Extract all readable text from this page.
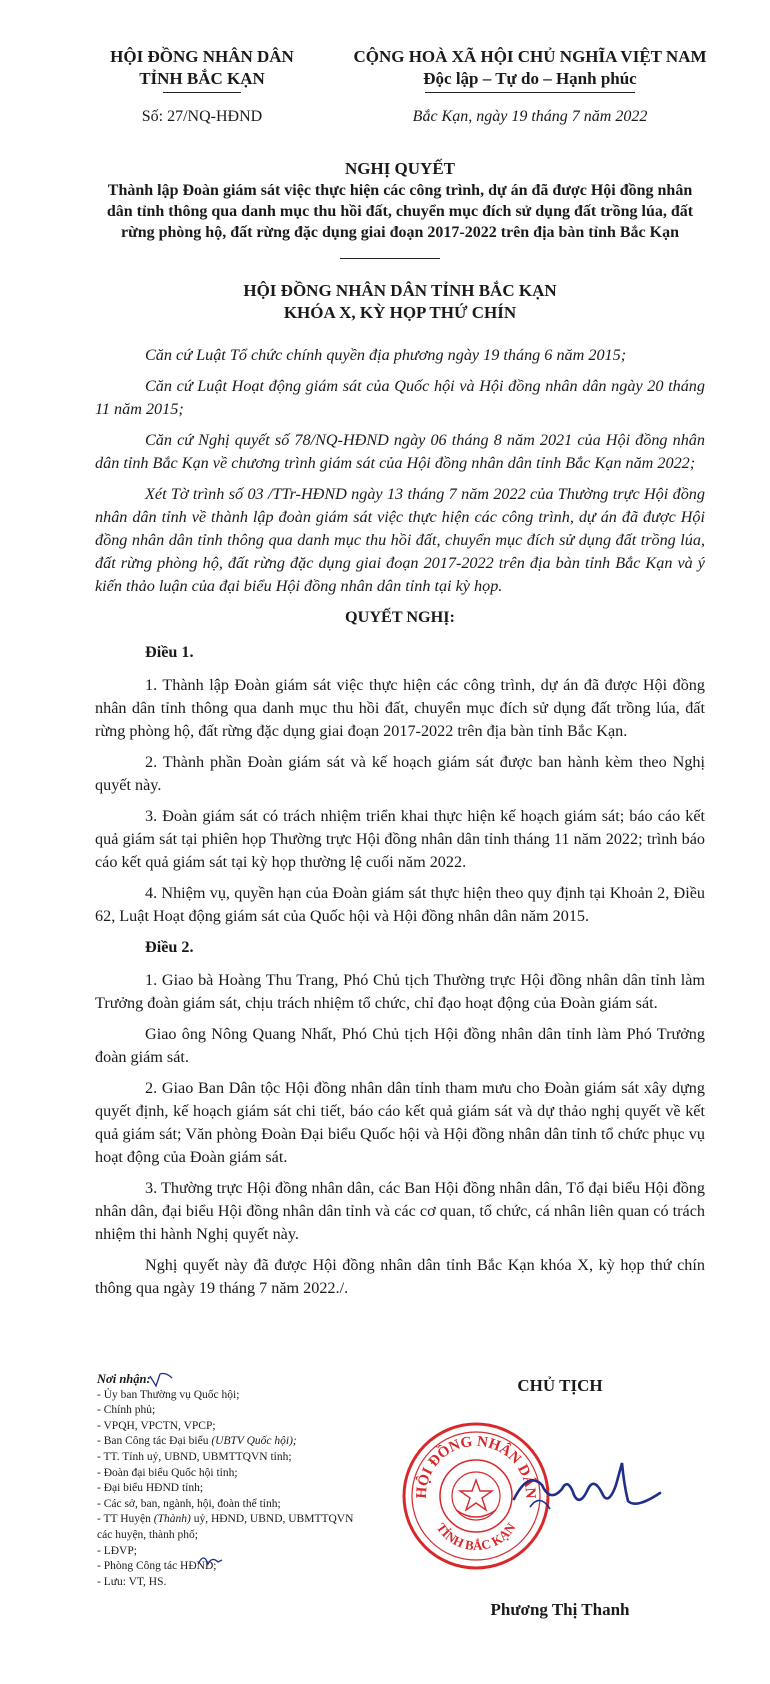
HỘI ĐỒNG NHÂN DÂN
TỈNH BẮC KẠN
CỘNG HOÀ XÃ HỘI CHỦ NGHĨA VIỆT NAM
Độc lập – Tự do – Hạnh phúc
Số: 27/NQ-HĐND	Bắc Kạn, ngày 19 tháng 7 năm 2022
NGHỊ QUYẾT
Thành lập Đoàn giám sát việc thực hiện các công trình, dự án đã được Hội đồng nhân dân tỉnh thông qua danh mục thu hồi đất, chuyển mục đích sử dụng đất trồng lúa, đất rừng phòng hộ, đất rừng đặc dụng giai đoạn 2017-2022 trên địa bàn tỉnh Bắc Kạn
HỘI ĐỒNG NHÂN DÂN TỈNH BẮC KẠN
KHÓA X, KỲ HỌP THỨ CHÍN

Căn cứ Luật Tổ chức chính quyền địa phương ngày 19 tháng 6 năm 2015;

Căn cứ Luật Hoạt động giám sát của Quốc hội và Hội đồng nhân dân ngày 20 tháng 11 năm 2015;

Căn cứ Nghị quyết số 78/NQ-HĐND ngày 06 tháng 8 năm 2021 của Hội đồng nhân dân tỉnh Bắc Kạn về chương trình giám sát của Hội đồng nhân dân tỉnh Bắc Kạn năm 2022;

Xét Tờ trình số 03 /TTr-HĐND ngày 13 tháng 7 năm 2022 của Thường trực Hội đồng nhân dân tỉnh về thành lập đoàn giám sát việc thực hiện các công trình, dự án đã được Hội đồng nhân dân tỉnh thông qua danh mục thu hồi đất, chuyển mục đích sử dụng đất trồng lúa, đất rừng phòng hộ, đất rừng đặc dụng giai đoạn 2017-2022 trên địa bàn tỉnh Bắc Kạn và ý kiến thảo luận của đại biểu Hội đồng nhân dân tỉnh tại kỳ họp.

QUYẾT NGHỊ:

Điều 1.

1. Thành lập Đoàn giám sát việc thực hiện các công trình, dự án đã được Hội đồng nhân dân tỉnh thông qua danh mục thu hồi đất, chuyển mục đích sử dụng đất trồng lúa, đất rừng phòng hộ, đất rừng đặc dụng giai đoạn 2017-2022 trên địa bàn tỉnh Bắc Kạn.

2. Thành phần Đoàn giám sát và kế hoạch giám sát được ban hành kèm theo Nghị quyết này.

3. Đoàn giám sát có trách nhiệm triển khai thực hiện kế hoạch giám sát; báo cáo kết quả giám sát tại phiên họp Thường trực Hội đồng nhân dân tỉnh tháng 11 năm 2022; trình báo cáo kết quả giám sát tại kỳ họp thường lệ cuối năm 2022.

4. Nhiệm vụ, quyền hạn của Đoàn giám sát thực hiện theo quy định tại Khoản 2, Điều 62, Luật Hoạt động giám sát của Quốc hội và Hội đồng nhân dân năm 2015.

Điều 2.

1. Giao bà Hoàng Thu Trang, Phó Chủ tịch Thường trực Hội đồng nhân dân tỉnh làm Trưởng đoàn giám sát, chịu trách nhiệm tổ chức, chỉ đạo hoạt động của Đoàn giám sát.

Giao ông Nông Quang Nhất, Phó Chủ tịch Hội đồng nhân dân tỉnh làm Phó Trưởng đoàn giám sát.

2. Giao Ban Dân tộc Hội đồng nhân dân tỉnh tham mưu cho Đoàn giám sát xây dựng quyết định, kế hoạch giám sát chi tiết, báo cáo kết quả giám sát và dự thảo nghị quyết về kết quả giám sát; Văn phòng Đoàn Đại biểu Quốc hội và Hội đồng nhân dân tỉnh tổ chức phục vụ hoạt động của Đoàn giám sát.

3. Thường trực Hội đồng nhân dân, các Ban Hội đồng nhân dân, Tổ đại biểu Hội đồng nhân dân, đại biểu Hội đồng nhân dân tỉnh và các cơ quan, tổ chức, cá nhân liên quan có trách nhiệm thi hành Nghị quyết này.

Nghị quyết này đã được Hội đồng nhân dân tỉnh Bắc Kạn khóa X, kỳ họp thứ chín thông qua ngày 19 tháng 7 năm 2022./.

Nơi nhận:
- Ủy ban Thường vụ Quốc hội;
- Chính phủ;
- VPQH, VPCTN, VPCP;
- Ban Công tác Đại biểu (UBTV Quốc hội);
- TT. Tỉnh uỷ, UBND, UBMTTQVN tỉnh;
- Đoàn đại biểu Quốc hội tỉnh;
- Đại biểu HĐND tỉnh;
- Các sở, ban, ngành, hội, đoàn thể tỉnh;
- TT Huyện (Thành) uỷ, HĐND, UBND, UBMTTQVN
các huyện, thành phố;
- LĐVP;
- Phòng Công tác HĐND;
- Lưu: VT, HS.
CHỦ TỊCH
HỘI ĐỒNG NHÂN DÂN
TỈNH BẮC KẠN
Phương Thị Thanh
